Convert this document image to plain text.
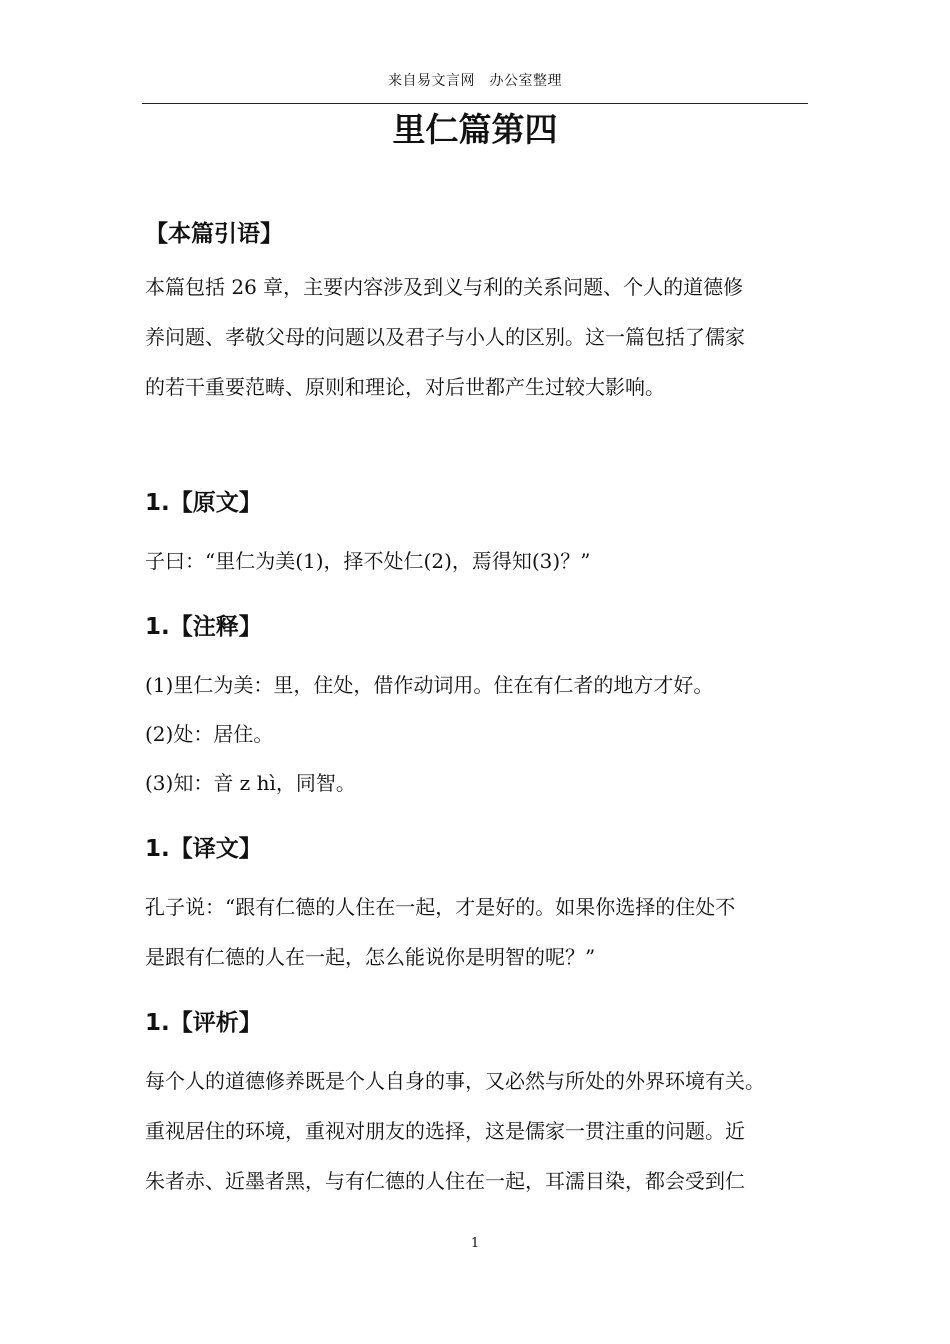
来自易文言网　办公室整理
里仁篇第四
【本篇引语】
本篇包括 26 章，主要内容涉及到义与利的关系问题、个人的道德修
养问题、孝敬父母的问题以及君子与小人的区别。这一篇包括了儒家
的若干重要范畴、原则和理论，对后世都产生过较大影响。
1.【原文】
子曰：“里仁为美(1)，择不处仁(2)，焉得知(3)？”
1.【注释】
(1)里仁为美：里，住处，借作动词用。住在有仁者的地方才好。
(2)处：居住。
(3)知：音 z hì，同智。
1.【译文】
孔子说：“跟有仁德的人住在一起，才是好的。如果你选择的住处不
是跟有仁德的人在一起，怎么能说你是明智的呢？”
1.【评析】
每个人的道德修养既是个人自身的事，又必然与所处的外界环境有关。
重视居住的环境，重视对朋友的选择，这是儒家一贯注重的问题。近
朱者赤、近墨者黑，与有仁德的人住在一起，耳濡目染，都会受到仁
1
